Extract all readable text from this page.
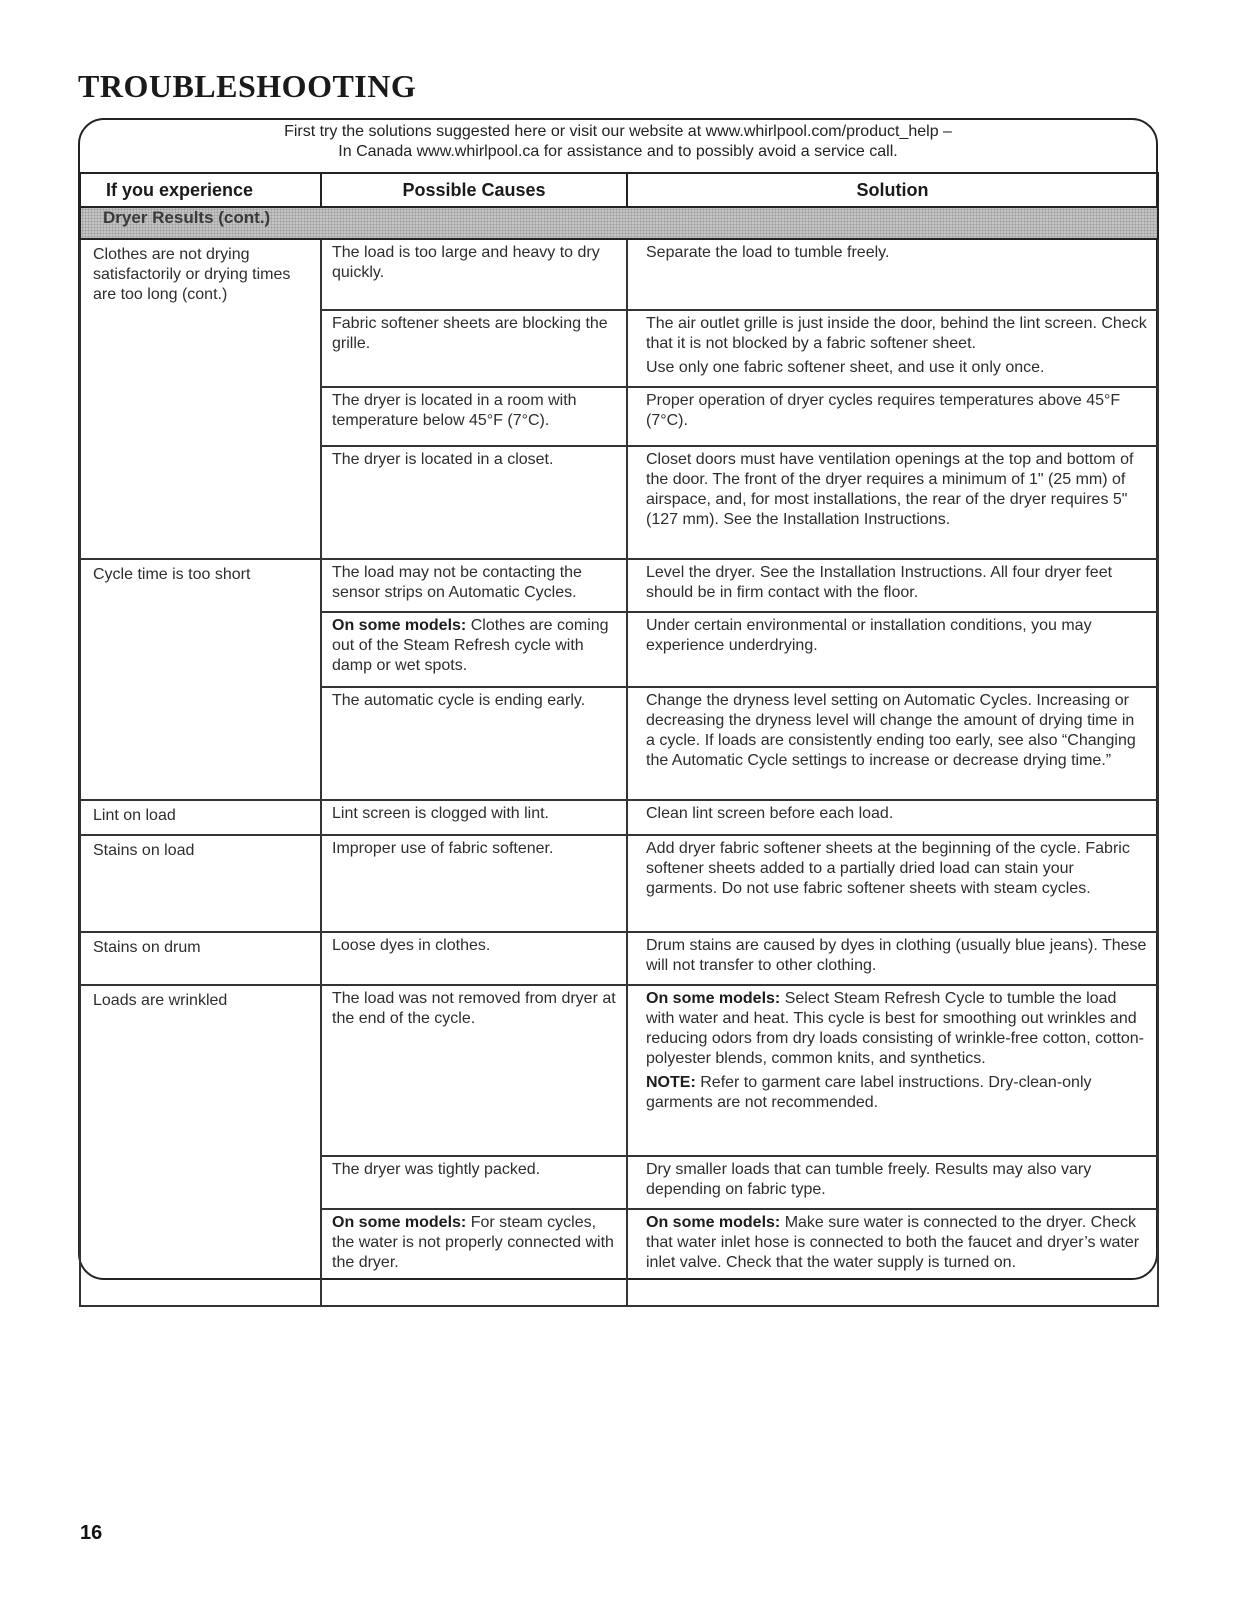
TROUBLESHOOTING
First try the solutions suggested here or visit our website at www.whirlpool.com/product_help –
In Canada www.whirlpool.ca for assistance and to possibly avoid a service call.
If you experience	Possible Causes	Solution
Dryer Results (cont.)		
Clothes are not drying satisfactorily or drying times are too long (cont.)	The load is too large and heavy to dry quickly.	Separate the load to tumble freely.
	Fabric softener sheets are blocking the grille.	The air outlet grille is just inside the door, behind the lint screen. Check that it is not blocked by a fabric softener sheet.

Use only one fabric softener sheet, and use it only once.

	The dryer is located in a room with temperature below 45°F (7°C).	Proper operation of dryer cycles requires temperatures above 45°F (7°C).
	The dryer is located in a closet.	Closet doors must have ventilation openings at the top and bottom of the door. The front of the dryer requires a minimum of 1" (25 mm) of airspace, and, for most installations, the rear of the dryer requires 5" (127 mm). See the Installation Instructions.
Cycle time is too short	The load may not be contacting the sensor strips on Automatic Cycles.	Level the dryer. See the Installation Instructions. All four dryer feet should be in firm contact with the floor.
	On some models: Clothes are coming out of the Steam Refresh cycle with damp or wet spots.	Under certain environmental or installation conditions, you may experience underdrying.
	The automatic cycle is ending early.	Change the dryness level setting on Automatic Cycles. Increasing or decreasing the dryness level will change the amount of drying time in a cycle. If loads are consistently ending too early, see also “Changing the Automatic Cycle settings to increase or decrease drying time.”
Lint on load	Lint screen is clogged with lint.	Clean lint screen before each load.
Stains on load	Improper use of fabric softener.	Add dryer fabric softener sheets at the beginning of the cycle. Fabric softener sheets added to a partially dried load can stain your garments. Do not use fabric softener sheets with steam cycles.
Stains on drum	Loose dyes in clothes.	Drum stains are caused by dyes in clothing (usually blue jeans). These will not transfer to other clothing.
Loads are wrinkled	The load was not removed from dryer at the end of the cycle.	On some models: Select Steam Refresh Cycle to tumble the load with water and heat. This cycle is best for smoothing out wrinkles and reducing odors from dry loads consisting of wrinkle-free cotton, cotton-polyester blends, common knits, and synthetics.

NOTE: Refer to garment care label instructions. Dry-clean-only garments are not recommended.

	The dryer was tightly packed.	Dry smaller loads that can tumble freely. Results may also vary depending on fabric type.
	On some models: For steam cycles, the water is not properly connected with the dryer.	On some models: Make sure water is connected to the dryer. Check that water inlet hose is connected to both the faucet and dryer’s water inlet valve. Check that the water supply is turned on.
16
